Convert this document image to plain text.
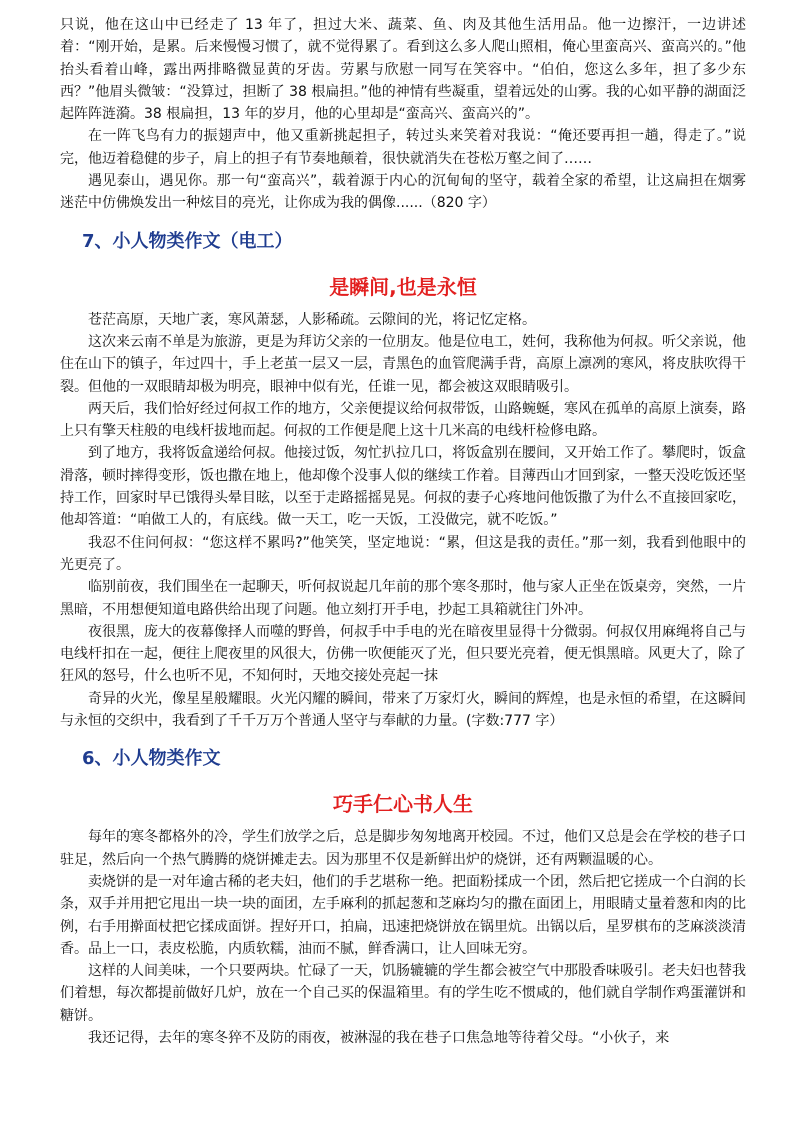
只说，他在这山中已经走了 13 年了，担过大米、蔬菜、鱼、肉及其他生活用品。他一边擦汗，一边讲述着：“刚开始，是累。后来慢慢习惯了，就不觉得累了。看到这么多人爬山照相，俺心里蛮高兴、蛮高兴的。”他抬头看着山峰，露出两排略微显黄的牙齿。劳累与欣慰一同写在笑容中。“伯伯，您这么多年，担了多少东西？”他眉头微皱：“没算过，担断了 38 根扁担。”他的神情有些凝重，望着远处的山雾。我的心如平静的湖面泛起阵阵涟漪。38 根扁担，13 年的岁月，他的心里却是“蛮高兴、蛮高兴的”。

在一阵飞鸟有力的振翅声中，他又重新挑起担子，转过头来笑着对我说：“俺还要再担一趟，得走了。”说完，他迈着稳健的步子，肩上的担子有节奏地颠着，很快就消失在苍松万壑之间了……

遇见泰山，遇见你。那一句“蛮高兴”，载着源于内心的沉甸甸的坚守，载着全家的希望，让这扁担在烟雾迷茫中仿佛焕发出一种炫目的亮光，让你成为我的偶像......（820 字）

7、小人物类作文（电工）
是瞬间,也是永恒

苍茫高原，天地广袤，寒风萧瑟，人影稀疏。云隙间的光，将记忆定格。

这次来云南不单是为旅游，更是为拜访父亲的一位朋友。他是位电工，姓何，我称他为何叔。听父亲说，他住在山下的镇子，年过四十，手上老茧一层又一层，青黑色的血管爬满手背，高原上凛冽的寒风，将皮肤吹得干裂。但他的一双眼睛却极为明亮，眼神中似有光，任谁一见，都会被这双眼睛吸引。

两天后，我们恰好经过何叔工作的地方，父亲便提议给何叔带饭，山路蜿蜒，寒风在孤单的高原上演奏，路上只有擎天柱般的电线杆拔地而起。何叔的工作便是爬上这十几米高的电线杆检修电路。

到了地方，我将饭盒递给何叔。他接过饭，匆忙扒拉几口，将饭盒别在腰间，又开始工作了。攀爬时，饭盒滑落，顿时摔得变形，饭也撒在地上，他却像个没事人似的继续工作着。目薄西山才回到家，一整天没吃饭还坚持工作，回家时早已饿得头晕目眩，以至于走路摇摇晃晃。何叔的妻子心疼地问他饭撒了为什么不直接回家吃，他却答道：“咱做工人的，有底线。做一天工，吃一天饭，工没做完，就不吃饭。”

我忍不住问何叔：“您这样不累吗?”他笑笑，坚定地说：“累，但这是我的责任。”那一刻，我看到他眼中的光更亮了。

临别前夜，我们围坐在一起聊天，听何叔说起几年前的那个寒冬那时，他与家人正坐在饭桌旁，突然，一片黑暗，不用想便知道电路供给出现了问题。他立刻打开手电，抄起工具箱就往门外冲。

夜很黑，庞大的夜幕像择人而噬的野兽，何叔手中手电的光在暗夜里显得十分微弱。何叔仅用麻绳将自己与电线杆扣在一起，便往上爬夜里的风很大，仿佛一吹便能灭了光，但只要光亮着，便无惧黑暗。风更大了，除了狂风的怒号，什么也听不见，不知何时，天地交接处亮起一抹

奇异的火光，像星星般耀眼。火光闪耀的瞬间，带来了万家灯火，瞬间的辉煌，也是永恒的希望，在这瞬间与永恒的交织中，我看到了千千万万个普通人坚守与奉献的力量。(字数:777 字）

6、小人物类作文
巧手仁心书人生

每年的寒冬都格外的冷，学生们放学之后，总是脚步匆匆地离开校园。不过，他们又总是会在学校的巷子口驻足，然后向一个热气腾腾的烧饼摊走去。因为那里不仅是新鲜出炉的烧饼，还有两颗温暖的心。

卖烧饼的是一对年逾古稀的老夫妇，他们的手艺堪称一绝。把面粉揉成一个团，然后把它搓成一个白润的长条，双手并用把它甩出一块一块的面团，左手麻利的抓起葱和芝麻均匀的撒在面团上，用眼睛丈量着葱和肉的比例，右手用擀面杖把它揉成面饼。捏好开口，拍扁，迅速把烧饼放在锅里炕。出锅以后，星罗棋布的芝麻淡淡清香。品上一口，表皮松脆，内质软糯，油而不腻，鲜香满口，让人回味无穷。

这样的人间美味，一个只要两块。忙碌了一天，饥肠辘辘的学生都会被空气中那股香味吸引。老夫妇也替我们着想，每次都提前做好几炉，放在一个自己买的保温箱里。有的学生吃不惯咸的，他们就自学制作鸡蛋灌饼和糖饼。

我还记得，去年的寒冬猝不及防的雨夜，被淋湿的我在巷子口焦急地等待着父母。“小伙子，来
